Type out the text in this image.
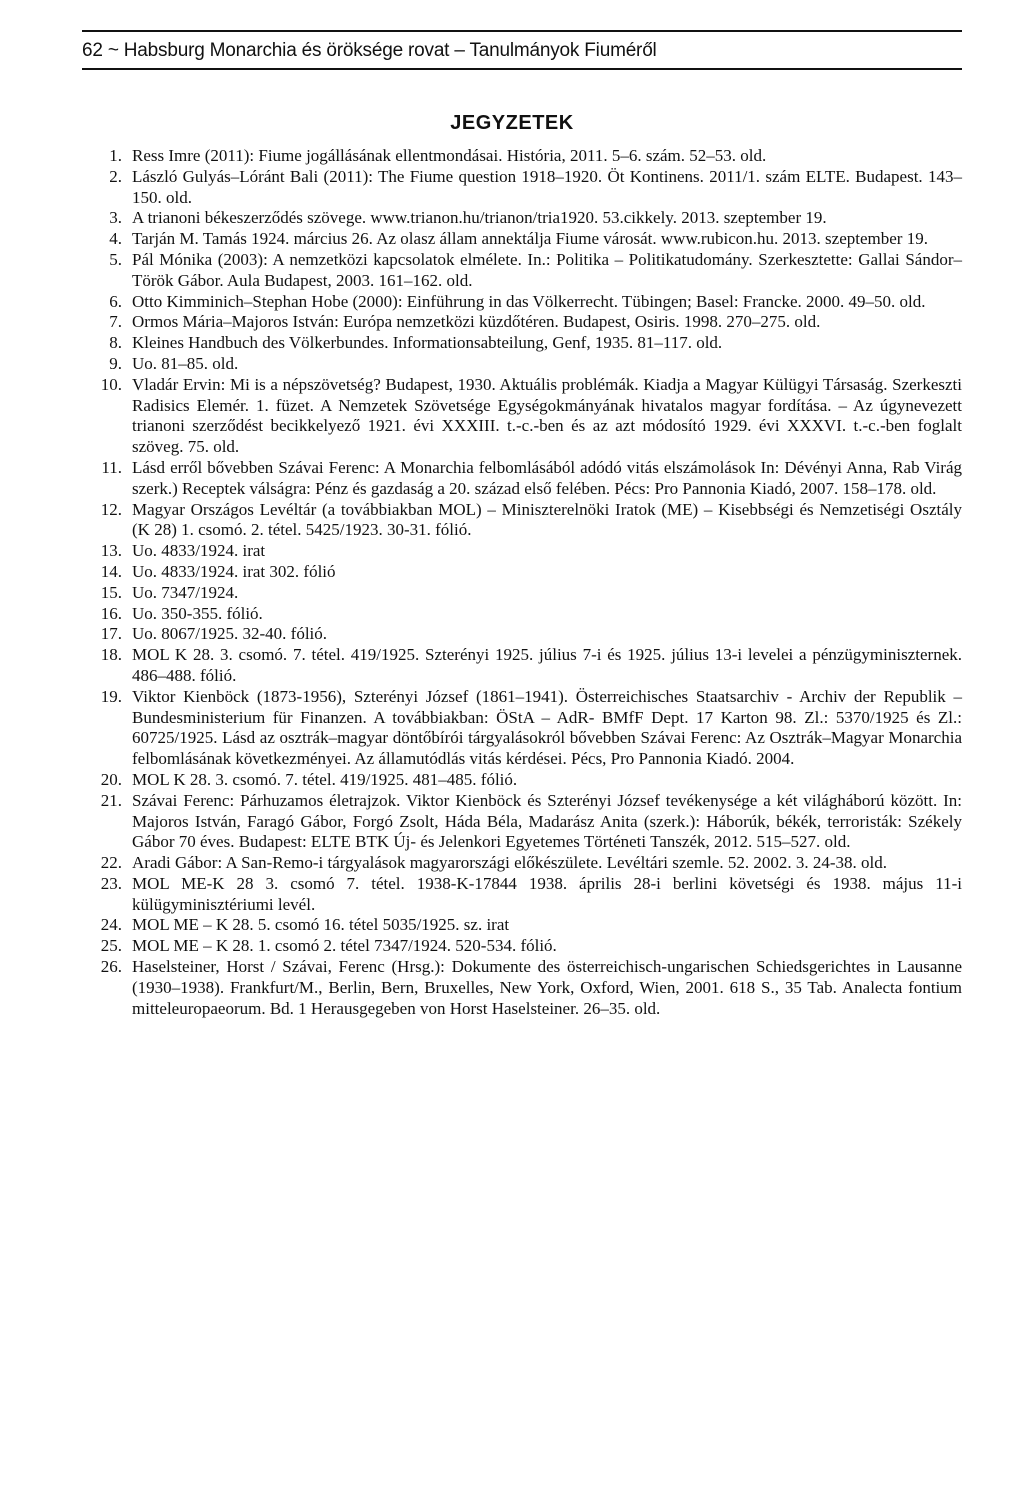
62 ~ Habsburg Monarchia és öröksége rovat – Tanulmányok Fiuméről
JEGYZETEK
1. Ress Imre (2011): Fiume jogállásának ellentmondásai. História, 2011. 5–6. szám. 52–53. old.
2. László Gulyás–Lóránt Bali (2011): The Fiume question 1918–1920. Öt Kontinens. 2011/1. szám ELTE. Budapest. 143–150. old.
3. A trianoni békeszerződés szövege. www.trianon.hu/trianon/tria1920. 53.cikkely. 2013. szeptember 19.
4. Tarján M. Tamás 1924. március 26. Az olasz állam annektálja Fiume városát. www.rubicon.hu. 2013. szeptember 19.
5. Pál Mónika (2003): A nemzetközi kapcsolatok elmélete. In.: Politika – Politikatudomány. Szerkesztette: Gallai Sándor–Török Gábor. Aula Budapest, 2003. 161–162. old.
6. Otto Kimminich–Stephan Hobe (2000): Einführung in das Völkerrecht. Tübingen; Basel: Francke. 2000. 49–50. old.
7. Ormos Mária–Majoros István: Európa nemzetközi küzdőtéren. Budapest, Osiris. 1998. 270–275. old.
8. Kleines Handbuch des Völkerbundes. Informationsabteilung, Genf, 1935. 81–117. old.
9. Uo. 81–85. old.
10. Vladár Ervin: Mi is a népszövetség? Budapest, 1930. Aktuális problémák. Kiadja a Magyar Külügyi Társaság. Szerkeszti Radisics Elemér. 1. füzet. A Nemzetek Szövetsége Egységokmányának hivatalos magyar fordítása. – Az úgynevezett trianoni szerződést becikkelyező 1921. évi XXXIII. t.-c.-ben és az azt módosító 1929. évi XXXVI. t.-c.-ben foglalt szöveg. 75. old.
11. Lásd erről bővebben Szávai Ferenc: A Monarchia felbomlásából adódó vitás elszámolások In: Dévényi Anna, Rab Virág szerk.) Receptek válságra: Pénz és gazdaság a 20. század első felében. Pécs: Pro Pannonia Kiadó, 2007. 158–178. old.
12. Magyar Országos Levéltár (a továbbiakban MOL) – Miniszterelnöki Iratok (ME) – Kisebbségi és Nemzetiségi Osztály (K 28) 1. csomó. 2. tétel. 5425/1923. 30-31. fólió.
13. Uo. 4833/1924. irat
14. Uo. 4833/1924. irat 302. fólió
15. Uo. 7347/1924.
16. Uo. 350-355. fólió.
17. Uo. 8067/1925. 32-40. fólió.
18. MOL K 28. 3. csomó. 7. tétel. 419/1925. Szterényi 1925. július 7-i és 1925. július 13-i levelei a pénzügyminiszternek. 486–488. fólió.
19. Viktor Kienböck (1873-1956), Szterényi József (1861–1941). Österreichisches Staatsarchiv - Archiv der Republik – Bundesministerium für Finanzen. A továbbiakban: ÖStA – AdR- BMfF Dept. 17 Karton 98. Zl.: 5370/1925 és Zl.: 60725/1925. Lásd az osztrák–magyar döntőbírói tárgyalásokról bővebben Szávai Ferenc: Az Osztrák–Magyar Monarchia felbomlásának következményei. Az államutódlás vitás kérdései. Pécs, Pro Pannonia Kiadó. 2004.
20. MOL K 28. 3. csomó. 7. tétel. 419/1925. 481–485. fólió.
21. Szávai Ferenc: Párhuzamos életrajzok. Viktor Kienböck és Szterényi József tevékenysége a két világháború között. In: Majoros István, Faragó Gábor, Forgó Zsolt, Háda Béla, Madarász Anita (szerk.): Háborúk, békék, terroristák: Székely Gábor 70 éves. Budapest: ELTE BTK Új- és Jelenkori Egyetemes Történeti Tanszék, 2012. 515–527. old.
22. Aradi Gábor: A San-Remo-i tárgyalások magyarországi előkészülete. Levéltári szemle. 52. 2002. 3. 24-38. old.
23. MOL ME-K 28 3. csomó 7. tétel. 1938-K-17844 1938. április 28-i berlini követségi és 1938. május 11-i külügyminisztériumi levél.
24. MOL ME – K 28. 5. csomó 16. tétel 5035/1925. sz. irat
25. MOL ME – K 28. 1. csomó 2. tétel 7347/1924. 520-534. fólió.
26. Haselsteiner, Horst / Szávai, Ferenc (Hrsg.): Dokumente des österreichisch-ungarischen Schiedsgerichtes in Lausanne (1930–1938). Frankfurt/M., Berlin, Bern, Bruxelles, New York, Oxford, Wien, 2001. 618 S., 35 Tab. Analecta fontium mitteleuropaeorum. Bd. 1 Herausgegeben von Horst Haselsteiner. 26–35. old.
